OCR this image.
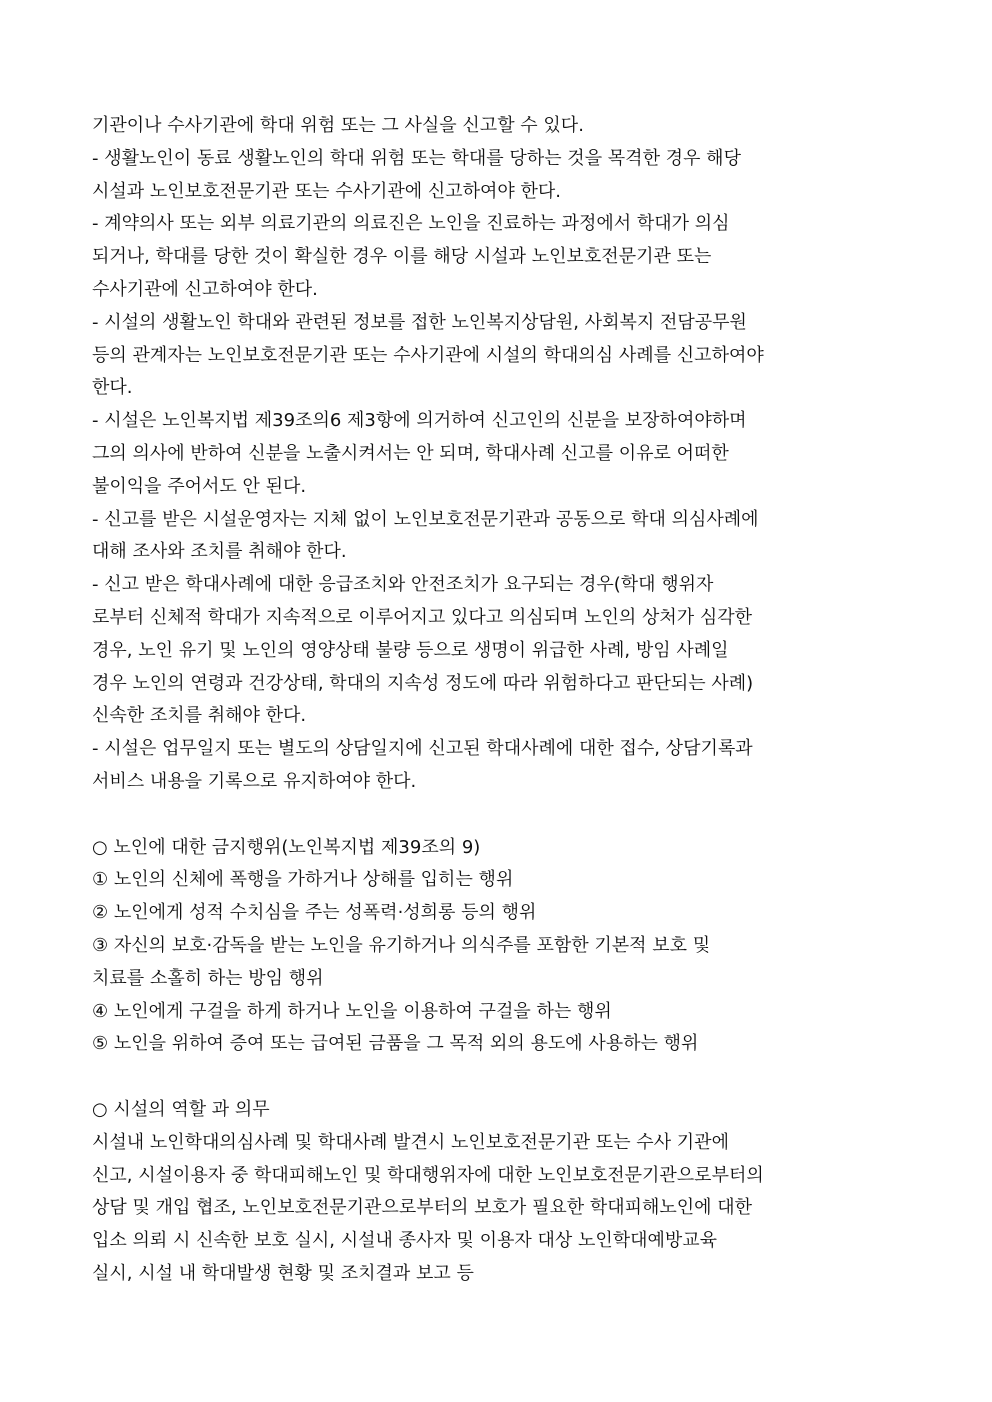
기관이나 수사기관에 학대 위험 또는 그 사실을 신고할 수 있다.
- 생활노인이 동료 생활노인의 학대 위험 또는 학대를 당하는 것을 목격한 경우 해당
시설과 노인보호전문기관 또는 수사기관에 신고하여야 한다.
- 계약의사 또는 외부 의료기관의 의료진은 노인을 진료하는 과정에서 학대가 의심
되거나, 학대를 당한 것이 확실한 경우 이를 해당 시설과 노인보호전문기관 또는
수사기관에 신고하여야 한다.
- 시설의 생활노인 학대와 관련된 정보를 접한 노인복지상담원, 사회복지 전담공무원
등의 관계자는 노인보호전문기관 또는 수사기관에 시설의 학대의심 사례를 신고하여야
한다.
- 시설은 노인복지법 제39조의6 제3항에 의거하여 신고인의 신분을 보장하여야하며
그의 의사에 반하여 신분을 노출시켜서는 안 되며, 학대사례 신고를 이유로 어떠한
불이익을 주어서도 안 된다.
- 신고를 받은 시설운영자는 지체 없이 노인보호전문기관과 공동으로 학대 의심사례에
대해 조사와 조치를 취해야 한다.
- 신고 받은 학대사례에 대한 응급조치와 안전조치가 요구되는 경우(학대 행위자
로부터 신체적 학대가 지속적으로 이루어지고 있다고 의심되며 노인의 상처가 심각한
경우, 노인 유기 및 노인의 영양상태 불량 등으로 생명이 위급한 사례, 방임 사례일
경우 노인의 연령과 건강상태, 학대의 지속성 정도에 따라 위험하다고 판단되는 사례)
신속한 조치를 취해야 한다.
- 시설은 업무일지 또는 별도의 상담일지에 신고된 학대사례에 대한 접수, 상담기록과
서비스 내용을 기록으로 유지하여야 한다.
○ 노인에 대한 금지행위(노인복지법 제39조의 9)
① 노인의 신체에 폭행을 가하거나 상해를 입히는 행위
② 노인에게 성적 수치심을 주는 성폭력·성희롱 등의 행위
③ 자신의 보호·감독을 받는 노인을 유기하거나 의식주를 포함한 기본적 보호 및
치료를 소홀히 하는 방임 행위
④ 노인에게 구걸을 하게 하거나 노인을 이용하여 구걸을 하는 행위
⑤ 노인을 위하여 증여 또는 급여된 금품을 그 목적 외의 용도에 사용하는 행위
○ 시설의 역할 과 의무
시설내 노인학대의심사례 및 학대사례 발견시 노인보호전문기관 또는 수사 기관에
신고, 시설이용자 중 학대피해노인 및 학대행위자에 대한 노인보호전문기관으로부터의
상담 및 개입 협조, 노인보호전문기관으로부터의 보호가 필요한 학대피해노인에 대한
입소 의뢰 시 신속한 보호 실시, 시설내 종사자 및 이용자 대상 노인학대예방교육
실시, 시설 내 학대발생 현황 및 조치결과 보고 등
